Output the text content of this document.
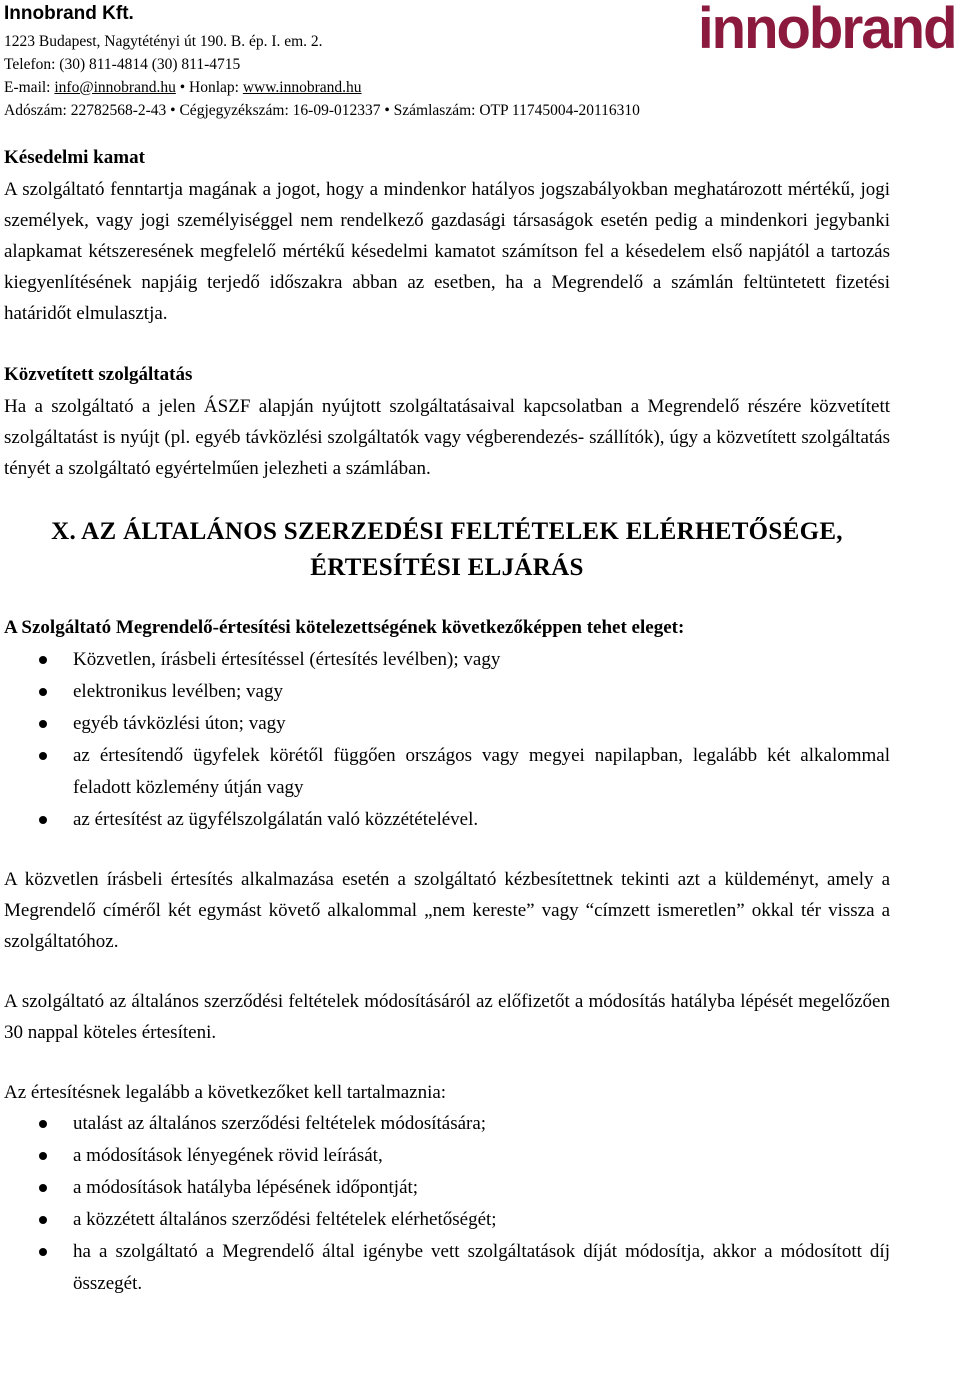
Innobrand Kft.
1223 Budapest, Nagytétényi út 190. B. ép. I. em. 2.
Telefon: (30) 811-4814 (30) 811-4715
E-mail: info@innobrand.hu • Honlap: www.innobrand.hu
Adószám: 22782568-2-43 • Cégjegyzékszám: 16-09-012337 • Számlaszám: OTP 11745004-20116310
innobrand

Késedelmi kamat

A szolgáltató fenntartja magának a jogot, hogy a mindenkor hatályos jogszabályokban meghatározott mértékű, jogi személyek, vagy jogi személyiséggel nem rendelkező gazdasági társaságok esetén pedig a mindenkori jegybanki alapkamat kétszeresének megfelelő mértékű késedelmi kamatot számítson fel a késedelem első napjától a tartozás kiegyenlítésének napjáig terjedő időszakra abban az esetben, ha a Megrendelő a számlán feltüntetett fizetési határidőt elmulasztja.

Közvetített szolgáltatás

Ha a szolgáltató a jelen ÁSZF alapján nyújtott szolgáltatásaival kapcsolatban a Megrendelő részére közvetített szolgáltatást is nyújt (pl. egyéb távközlési szolgáltatók vagy végberendezés- szállítók), úgy a közvetített szolgáltatás tényét a szolgáltató egyértelműen jelezheti a számlában.

X. AZ ÁLTALÁNOS SZERZEDÉSI FELTÉTELEK ELÉRHETŐSÉGE,

ÉRTESÍTÉSI ELJÁRÁS

A Szolgáltató Megrendelő-értesítési kötelezettségének következőképpen tehet eleget:

Közvetlen, írásbeli értesítéssel (értesítés levélben); vagy
elektronikus levélben; vagy
egyéb távközlési úton; vagy
az értesítendő ügyfelek körétől függően országos vagy megyei napilapban, legalább két alkalommal feladott közlemény útján vagy
az értesítést az ügyfélszolgálatán való közzétételével.

A közvetlen írásbeli értesítés alkalmazása esetén a szolgáltató kézbesítettnek tekinti azt a küldeményt, amely a Megrendelő címéről két egymást követő alkalommal „nem kereste” vagy “címzett ismeretlen” okkal tér vissza a szolgáltatóhoz.

A szolgáltató az általános szerződési feltételek módosításáról az előfizetőt a módosítás hatályba lépését megelőzően 30 nappal köteles értesíteni.

Az értesítésnek legalább a következőket kell tartalmaznia:

utalást az általános szerződési feltételek módosítására;
a módosítások lényegének rövid leírását,
a módosítások hatályba lépésének időpontját;
a közzétett általános szerződési feltételek elérhetőségét;
ha a szolgáltató a Megrendelő által igénybe vett szolgáltatások díját módosítja, akkor a módosított díj összegét.
